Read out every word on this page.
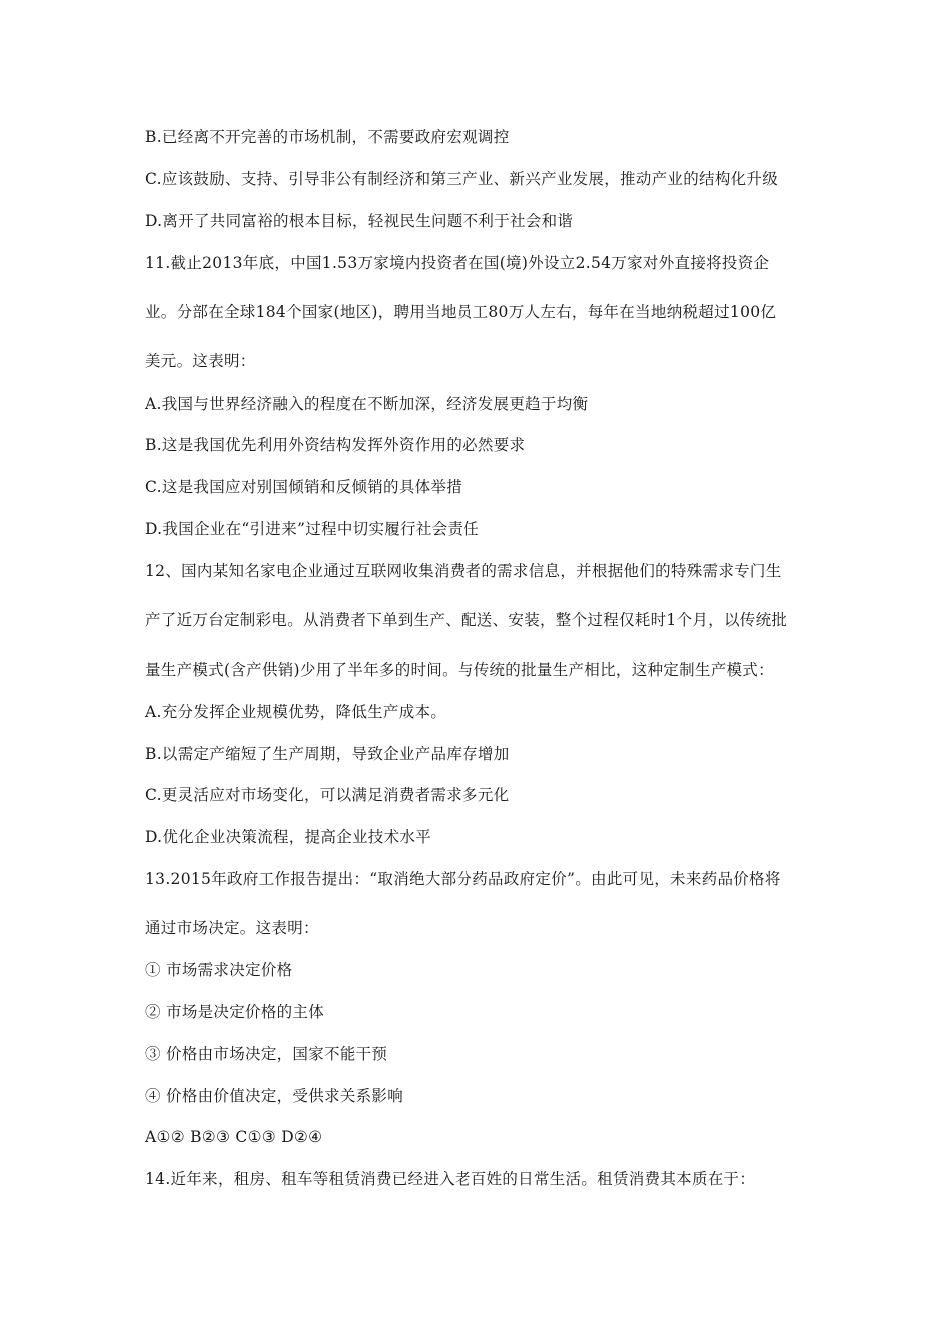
B.已经离不开完善的市场机制，不需要政府宏观调控
C.应该鼓励、支持、引导非公有制经济和第三产业、新兴产业发展，推动产业的结构化升级
D.离开了共同富裕的根本目标，轻视民生问题不利于社会和谐
11.截止2013年底，中国1.53万家境内投资者在国(境)外设立2.54万家对外直接将投资企
业。分部在全球184个国家(地区)，聘用当地员工80万人左右，每年在当地纳税超过100亿
美元。这表明：
A.我国与世界经济融入的程度在不断加深，经济发展更趋于均衡
B.这是我国优先利用外资结构发挥外资作用的必然要求
C.这是我国应对别国倾销和反倾销的具体举措
D.我国企业在“引进来”过程中切实履行社会责任
12、国内某知名家电企业通过互联网收集消费者的需求信息，并根据他们的特殊需求专门生
产了近万台定制彩电。从消费者下单到生产、配送、安装，整个过程仅耗时1个月，以传统批
量生产模式(含产供销)少用了半年多的时间。与传统的批量生产相比，这种定制生产模式：
A.充分发挥企业规模优势，降低生产成本。
B.以需定产缩短了生产周期，导致企业产品库存增加
C.更灵活应对市场变化，可以满足消费者需求多元化
D.优化企业决策流程，提高企业技术水平
13.2015年政府工作报告提出：“取消绝大部分药品政府定价”。由此可见，未来药品价格将
通过市场决定。这表明：
① 市场需求决定价格
② 市场是决定价格的主体
③ 价格由市场决定，国家不能干预
④ 价格由价值决定，受供求关系影响
A①② B②③ C①③ D②④
14.近年来，租房、租车等租赁消费已经进入老百姓的日常生活。租赁消费其本质在于：
